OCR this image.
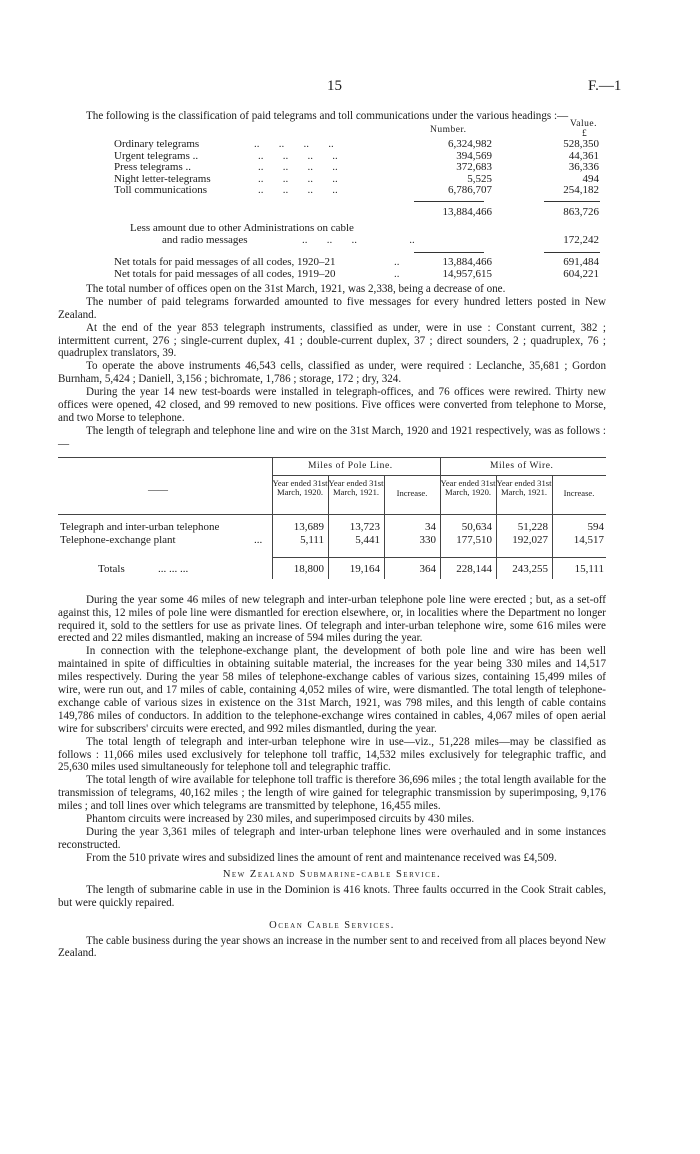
15	F.—1

The following is the classification of paid telegrams and toll communications under the various headings :—

Number.
Value.
£
Ordinary telegrams	..       ..       ..       ..	6,324,982	528,350
Urgent telegrams ..	..       ..       ..       ..	394,569	44,361
Press telegrams ..	..       ..       ..       ..	372,683	36,336
Night letter-telegrams	..       ..       ..       ..	5,525	494
Toll communications	..       ..       ..       ..	6,786,707	254,182
13,884,466	863,726
Less amount due to other Administrations on cable
and radio messages	..       ..       ..                   ..	172,242
Net totals for paid messages of all codes, 1920–21	..	13,884,466	691,484
Net totals for paid messages of all codes, 1919–20	..	14,957,615	604,221

The total number of offices open on the 31st March, 1921, was 2,338, being a decrease of one.

The number of paid telegrams forwarded amounted to five messages for every hundred letters posted in New Zealand.

At the end of the year 853 telegraph instruments, classified as under, were in use : Constant current, 382 ; intermittent current, 276 ; single-current duplex, 41 ; double-current duplex, 37 ; direct sounders, 2 ; quadruplex, 76 ; quadruplex translators, 39.

To operate the above instruments 46,543 cells, classified as under, were required : Leclanche, 35,681 ; Gordon Burnham, 5,424 ; Daniell, 3,156 ; bichromate, 1,786 ; storage, 172 ; dry, 324.

During the year 14 new test-boards were installed in telegraph-offices, and 76 offices were rewired. Thirty new offices were opened, 42 closed, and 99 removed to new positions. Five offices were converted from telephone to Morse, and two Morse to telephone.

The length of telegraph and telephone line and wire on the 31st March, 1920 and 1921 respectively, was as follows :—

Miles of Pole Line.	Miles of Wire.
——
Year ended 31st March, 1920.
Year ended 31st March, 1921.	Increase.
Year ended 31st March, 1920.
Year ended 31st March, 1921.	Increase.
Telegraph and inter-urban telephone	13,689 13,723	34 50,634 51,228	594
Telephone-exchange plant	...	5,111	5,441	330 177,510 192,027 14,517
Totals	... ... ...	18,800 19,164	364 228,144 243,255 15,111

During the year some 46 miles of new telegraph and inter-urban telephone pole line were erected ; but, as a set-off against this, 12 miles of pole line were dismantled for erection elsewhere, or, in localities where the Department no longer required it, sold to the settlers for use as private lines. Of telegraph and inter-urban telephone wire, some 616 miles were erected and 22 miles dismantled, making an increase of 594 miles during the year.

In connection with the telephone-exchange plant, the development of both pole line and wire has been well maintained in spite of difficulties in obtaining suitable material, the increases for the year being 330 miles and 14,517 miles respectively. During the year 58 miles of telephone-exchange cables of various sizes, containing 15,499 miles of wire, were run out, and 17 miles of cable, containing 4,052 miles of wire, were dismantled. The total length of telephone-exchange cable of various sizes in existence on the 31st March, 1921, was 798 miles, and this length of cable contains 149,786 miles of conductors. In addition to the telephone-exchange wires contained in cables, 4,067 miles of open aerial wire for subscribers' circuits were erected, and 992 miles dismantled, during the year.

The total length of telegraph and inter-urban telephone wire in use—viz., 51,228 miles—may be classified as follows : 11,066 miles used exclusively for telephone toll traffic, 14,532 miles exclusively for telegraphic traffic, and 25,630 miles used simultaneously for telephone toll and telegraphic traffic.

The total length of wire available for telephone toll traffic is therefore 36,696 miles ; the total length available for the transmission of telegrams, 40,162 miles ; the length of wire gained for telegraphic transmission by superimposing, 9,176 miles ; and toll lines over which telegrams are transmitted by telephone, 16,455 miles.

Phantom circuits were increased by 230 miles, and superimposed circuits by 430 miles.

During the year 3,361 miles of telegraph and inter-urban telephone lines were overhauled and in some instances reconstructed.

From the 510 private wires and subsidized lines the amount of rent and maintenance received was £4,509.

New Zealand Submarine-cable Service.

The length of submarine cable in use in the Dominion is 416 knots. Three faults occurred in the Cook Strait cables, but were quickly repaired.

Ocean Cable Services.

The cable business during the year shows an increase in the number sent to and received from all places beyond New Zealand.
